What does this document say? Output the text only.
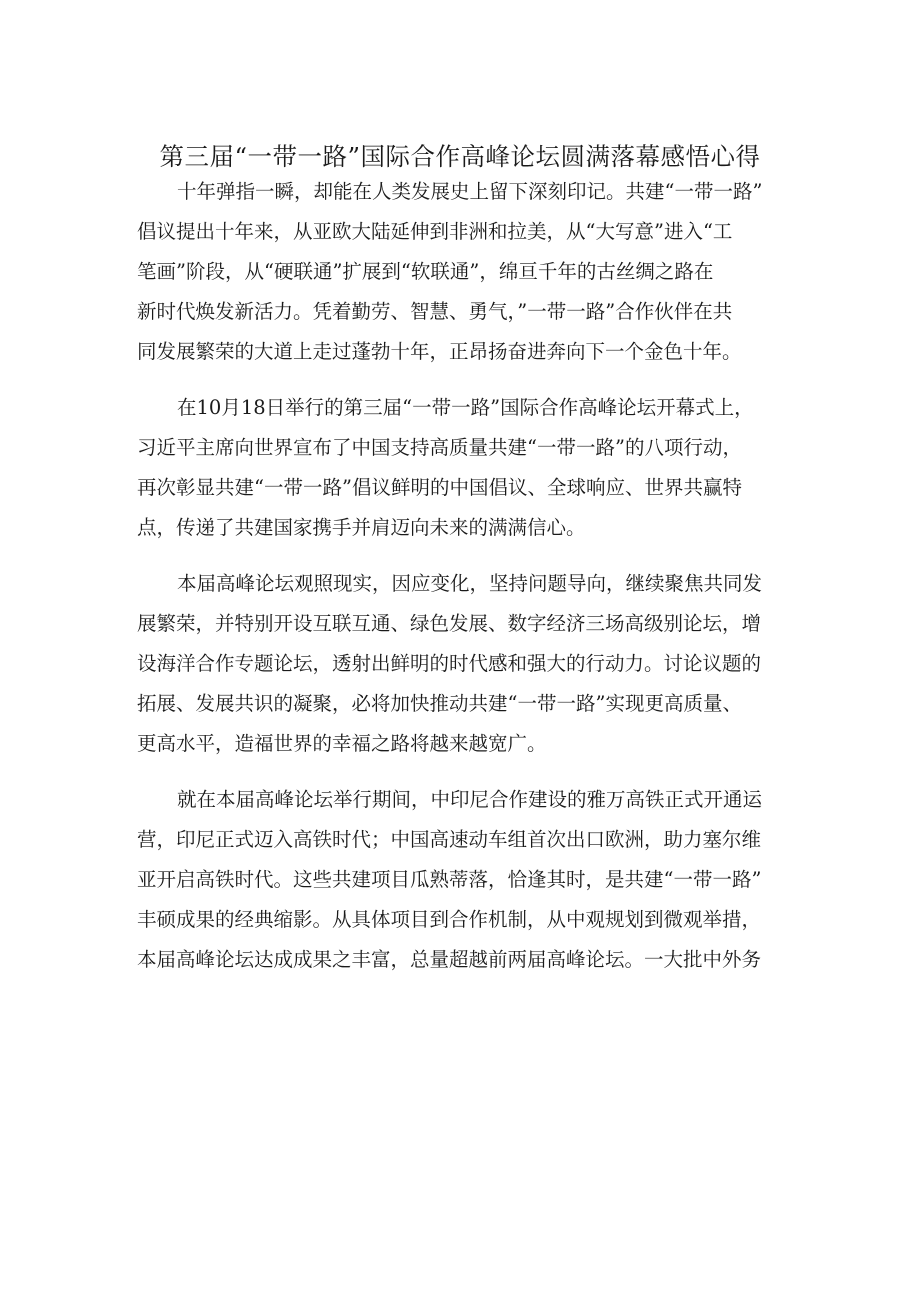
第三届“一带一路”国际合作高峰论坛圆满落幕感悟心得
十年弹指一瞬，却能在人类发展史上留下深刻印记。共建“一带一路”
倡议提出十年来，从亚欧大陆延伸到非洲和拉美，从“大写意”进入“工
笔画”阶段，从“硬联通”扩展到“软联通”，绵亘千年的古丝绸之路在
新时代焕发新活力。凭着勤劳、智慧、勇气，”一带一路”合作伙伴在共
同发展繁荣的大道上走过蓬勃十年，正昂扬奋进奔向下一个金色十年。
在10月18日举行的第三届“一带一路”国际合作高峰论坛开幕式上，
习近平主席向世界宣布了中国支持高质量共建“一带一路”的八项行动，
再次彰显共建“一带一路”倡议鲜明的中国倡议、全球响应、世界共赢特
点，传递了共建国家携手并肩迈向未来的满满信心。
本届高峰论坛观照现实，因应变化，坚持问题导向，继续聚焦共同发
展繁荣，并特别开设互联互通、绿色发展、数字经济三场高级别论坛，增
设海洋合作专题论坛，透射出鲜明的时代感和强大的行动力。讨论议题的
拓展、发展共识的凝聚，必将加快推动共建“一带一路”实现更高质量、
更高水平，造福世界的幸福之路将越来越宽广。
就在本届高峰论坛举行期间，中印尼合作建设的雅万高铁正式开通运
营，印尼正式迈入高铁时代；中国高速动车组首次出口欧洲，助力塞尔维
亚开启高铁时代。这些共建项目瓜熟蒂落，恰逢其时，是共建“一带一路”
丰硕成果的经典缩影。从具体项目到合作机制，从中观规划到微观举措，
本届高峰论坛达成成果之丰富，总量超越前两届高峰论坛。一大批中外务
